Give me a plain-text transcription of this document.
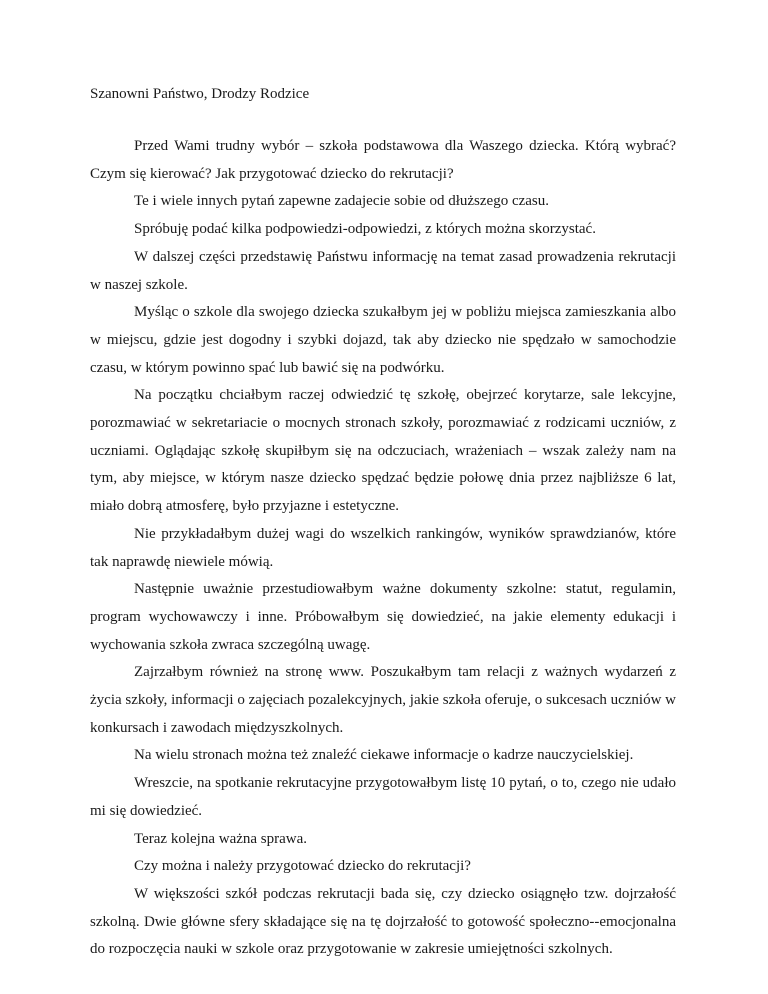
Szanowni Państwo, Drodzy Rodzice

Przed Wami trudny wybór – szkoła podstawowa dla Waszego dziecka. Którą wybrać? Czym się kierować? Jak przygotować dziecko do rekrutacji?

Te i wiele innych pytań zapewne zadajecie sobie od dłuższego czasu.

Spróbuję podać kilka podpowiedzi-odpowiedzi, z których można skorzystać.

W dalszej części przedstawię Państwu informację na temat zasad prowadzenia rekrutacji w naszej szkole.

Myśląc o szkole dla swojego dziecka szukałbym jej w pobliżu miejsca zamieszkania albo w miejscu, gdzie jest dogodny i szybki dojazd, tak aby dziecko nie spędzało w samochodzie czasu, w którym powinno spać lub bawić się na podwórku.

Na początku chciałbym raczej odwiedzić tę szkołę, obejrzeć korytarze, sale lekcyjne, porozmawiać w sekretariacie o mocnych stronach szkoły, porozmawiać z rodzicami uczniów, z uczniami. Oglądając szkołę skupiłbym się na odczuciach, wrażeniach – wszak zależy nam na tym, aby miejsce, w którym nasze dziecko spędzać będzie połowę dnia przez najbliższe 6 lat, miało dobrą atmosferę, było przyjazne i estetyczne.

Nie przykładałbym dużej wagi do wszelkich rankingów, wyników sprawdzianów, które tak naprawdę niewiele mówią.

Następnie uważnie przestudiowałbym ważne dokumenty szkolne: statut, regulamin, program wychowawczy i inne. Próbowałbym się dowiedzieć, na jakie elementy edukacji i wychowania szkoła zwraca szczególną uwagę.

Zajrzałbym również na stronę www. Poszukałbym tam relacji z ważnych wydarzeń z życia szkoły, informacji o zajęciach pozalekcyjnych, jakie szkoła oferuje, o sukcesach uczniów w konkursach i zawodach międzyszkolnych.

Na wielu stronach można też znaleźć ciekawe informacje o kadrze nauczycielskiej.

Wreszcie, na spotkanie rekrutacyjne przygotowałbym listę 10 pytań, o to, czego nie udało mi się dowiedzieć.

Teraz kolejna ważna sprawa.

Czy można i należy przygotować dziecko do rekrutacji?

W większości szkół podczas rekrutacji bada się, czy dziecko osiągnęło tzw. dojrzałość szkolną. Dwie główne sfery składające się na tę dojrzałość to gotowość społeczno--emocjonalna do rozpoczęcia nauki w szkole oraz przygotowanie w zakresie umiejętności szkolnych.
